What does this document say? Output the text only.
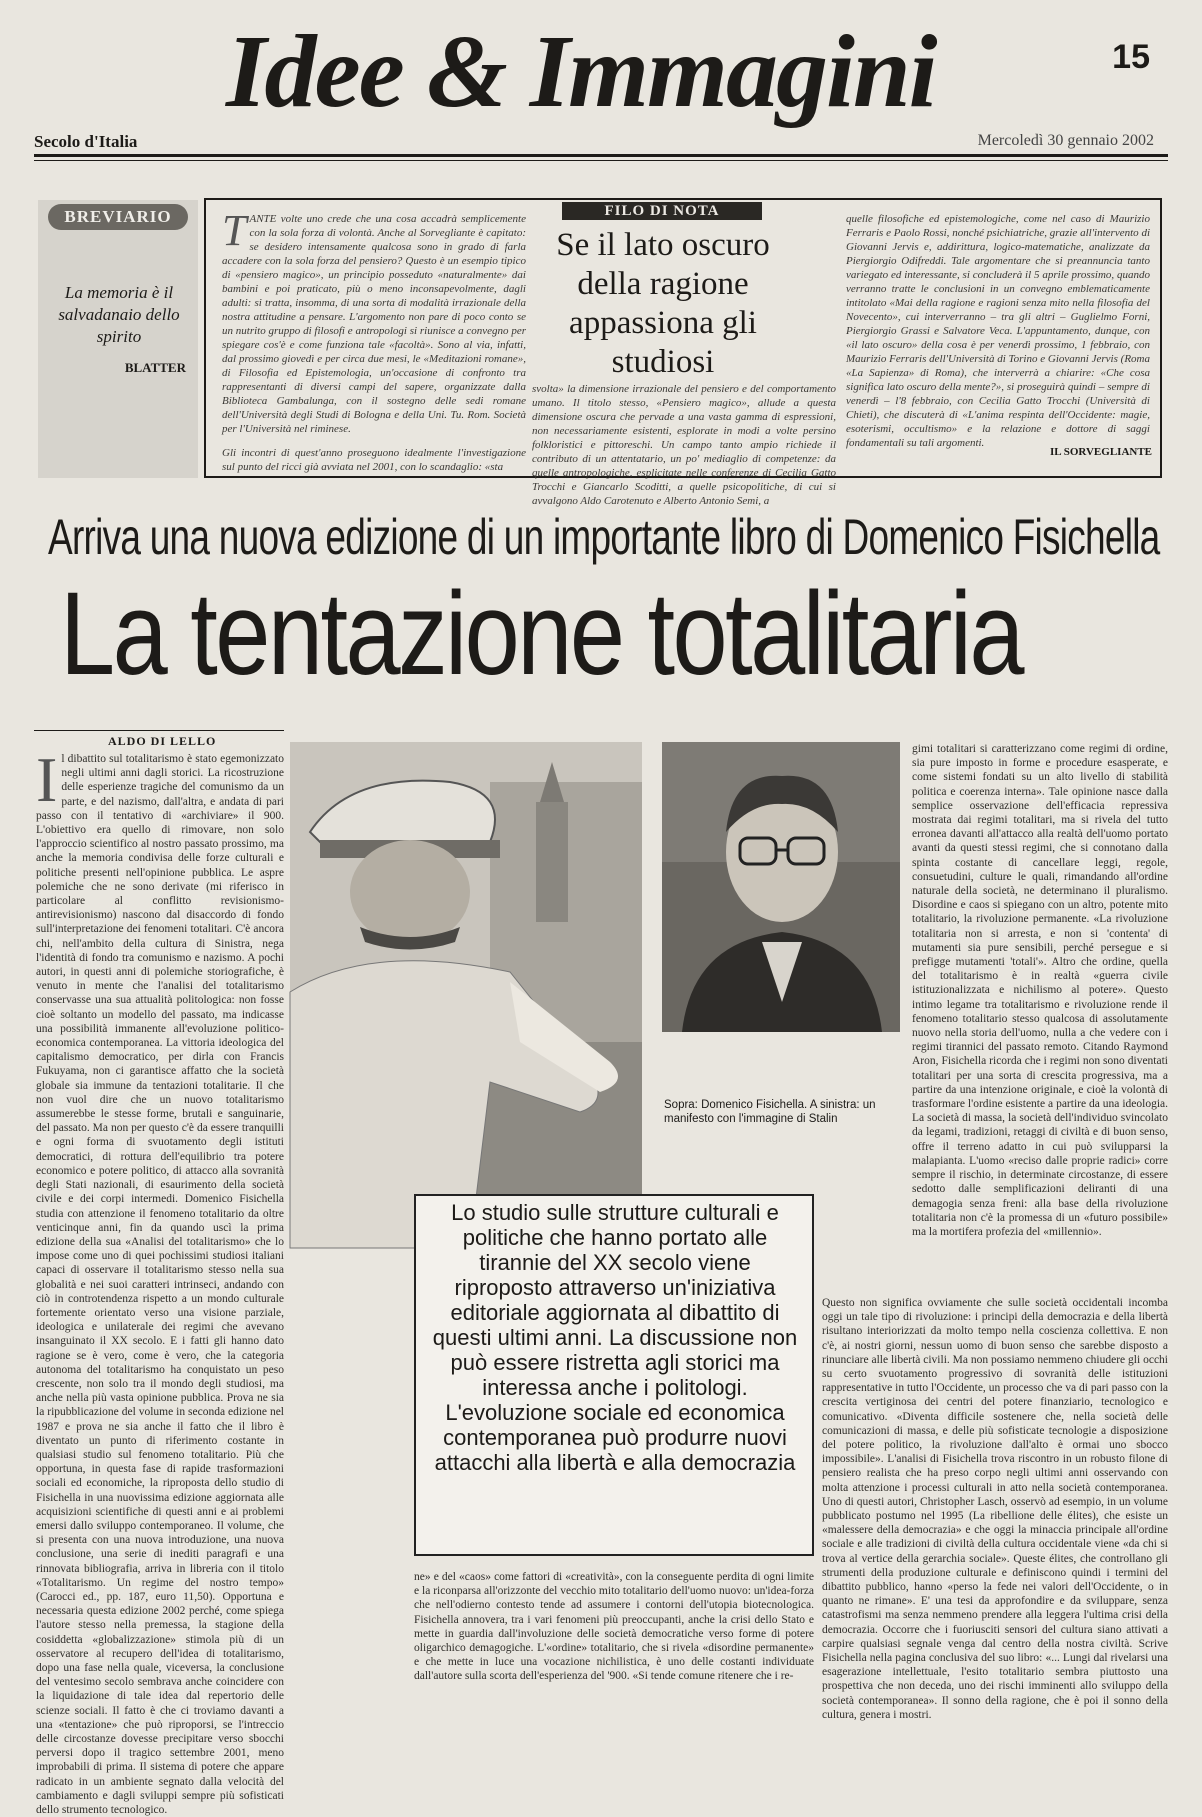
15
Idee & Immagini
Secolo d'Italia	Mercoledì 30 gennaio 2002
BREVIARIO
La memoria è il salvadanaio dello spirito
BLATTER
FILO DI NOTA
Se il lato oscuro della ragione appassiona gli studiosi
T ANTE volte uno crede che una cosa accadrà semplicemente con la sola forza di volontà. Anche al Sorvegliante è capitato: se desidero intensamente qualcosa sono in grado di farla accadere con la sola forza del pensiero? Questo è un esempio tipico di «pensiero magico», un principio posseduto «naturalmente» dai bambini e poi praticato, più o meno inconsapevolmente, dagli adulti: si tratta, insomma, di una sorta di modalità irrazionale della nostra attitudine a pensare. L'argomento non pare di poco conto se un nutrito gruppo di filosofi e antropologi si riunisce a convegno per spiegare cos'è e come funziona tale «facoltà». Sono al via, infatti, dal prossimo giovedì e per circa due mesi, le «Meditazioni romane», di Filosofia ed Epistemologia, un'occasione di confronto tra rappresentanti di diversi campi del sapere, organizzate dalla Biblioteca Gambalunga, con il sostegno delle sedi romane dell'Università degli Studi di Bologna e della Uni. Tu. Rom. Società per l'Università nel riminese.
Gli incontri di quest'anno proseguono idealmente l'investigazione sul punto del ricci già avviata nel 2001, con lo scandaglio: «sta
svolta» la dimensione irrazionale del pensiero e del comportamento umano. Il titolo stesso, «Pensiero magico», allude a questa dimensione oscura che pervade a una vasta gamma di espressioni, non necessariamente esistenti, esplorate in modi a volte persino folkloristici e pittoreschi. Un campo tanto ampio richiede il contributo di un attentatario, un po' mediaglio di competenze: da quelle antropologiche, esplicitate nelle conferenze di Cecilia Gatto Trocchi e Giancarlo Scoditti, a quelle psicopolitiche, di cui si avvalgono Aldo Carotenuto e Alberto Antonio Semi, a
quelle filosofiche ed epistemologiche, come nel caso di Maurizio Ferraris e Paolo Rossi, nonché psichiatriche, grazie all'intervento di Giovanni Jervis e, addirittura, logico-matematiche, analizzate da Piergiorgio Odifreddi. Tale argomentare che si preannuncia tanto variegato ed interessante, si concluderà il 5 aprile prossimo, quando verranno tratte le conclusioni in un convegno emblematicamente intitolato «Mai della ragione e ragioni senza mito nella filosofia del Novecento», cui interverranno – tra gli altri – Guglielmo Forni, Piergiorgio Grassi e Salvatore Veca. L'appuntamento, dunque, con «il lato oscuro» della cosa è per venerdì prossimo, 1 febbraio, con Maurizio Ferraris dell'Università di Torino e Giovanni Jervis (Roma «La Sapienza» di Roma), che interverrà a chiarire: «Che cosa significa lato oscuro della mente?», si proseguirà quindi – sempre di venerdì – l'8 febbraio, con Cecilia Gatto Trocchi (Università di Chieti), che discuterà di «L'anima respinta dell'Occidente: magie, esoterismi, occultismo» e la relazione e dottore di saggi fondamentali su tali argomenti.
IL SORVEGLIANTE
Arriva una nuova edizione di un importante libro di Domenico Fisichella
La tentazione totalitaria
ALDO DI LELLO
I l dibattito sul totalitarismo è stato egemonizzato negli ultimi anni dagli storici. La ricostruzione delle esperienze tragiche del comunismo da un parte, e del nazismo, dall'altra, e andata di pari passo con il tentativo di «archiviare» il 900. L'obiettivo era quello di rimovare, non solo l'approccio scientifico al nostro passato prossimo, ma anche la memoria condivisa delle forze culturali e politiche presenti nell'opinione pubblica. Le aspre polemiche che ne sono derivate (mi riferisco in particolare al conflitto revisionismo-antirevisionismo) nascono dal disaccordo di fondo sull'interpretazione dei fenomeni totalitari. C'è ancora chi, nell'ambito della cultura di Sinistra, nega l'identità di fondo tra comunismo e nazismo. A pochi autori, in questi anni di polemiche storiografiche, è venuto in mente che l'analisi del totalitarismo conservasse una sua attualità politologica: non fosse cioè soltanto un modello del passato, ma indicasse una possibilità immanente all'evoluzione politico-economica contemporanea. La vittoria ideologica del capitalismo democratico, per dirla con Francis Fukuyama, non ci garantisce affatto che la società globale sia immune da tentazioni totalitarie. Il che non vuol dire che un nuovo totalitarismo assumerebbe le stesse forme, brutali e sanguinarie, del passato. Ma non per questo c'è da essere tranquilli e ogni forma di svuotamento degli istituti democratici, di rottura dell'equilibrio tra potere economico e potere politico, di attacco alla sovranità degli Stati nazionali, di esaurimento della società civile e dei corpi intermedi. Domenico Fisichella studia con attenzione il fenomeno totalitario da oltre venticinque anni, fin da quando uscì la prima edizione della sua «Analisi del totalitarismo» che lo impose come uno di quei pochissimi studiosi italiani capaci di osservare il totalitarismo stesso nella sua globalità e nei suoi caratteri intrinseci, andando con ciò in controtendenza rispetto a un mondo culturale fortemente orientato verso una visione parziale, ideologica e unilaterale dei regimi che avevano insanguinato il XX secolo. E i fatti gli hanno dato ragione se è vero, come è vero, che la categoria autonoma del totalitarismo ha conquistato un peso crescente, non solo tra il mondo degli studiosi, ma anche nella più vasta opinione pubblica. Prova ne sia la ripubblicazione del volume in seconda edizione nel 1987 e prova ne sia anche il fatto che il libro è diventato un punto di riferimento costante in qualsiasi studio sul fenomeno totalitario. Più che opportuna, in questa fase di rapide trasformazioni sociali ed economiche, la riproposta dello studio di Fisichella in una nuovissima edizione aggiornata alle acquisizioni scientifiche di questi anni e ai problemi emersi dallo sviluppo contemporaneo. Il volume, che si presenta con una nuova introduzione, una nuova conclusione, una serie di inediti paragrafi e una rinnovata bibliografia, arriva in libreria con il titolo «Totalitarismo. Un regime del nostro tempo» (Carocci ed., pp. 187, euro 11,50). Opportuna e necessaria questa edizione 2002 perché, come spiega l'autore stesso nella premessa, la stagione della cosiddetta «globalizzazione» stimola più di un osservatore al recupero dell'idea di totalitarismo, dopo una fase nella quale, viceversa, la conclusione del ventesimo secolo sembrava anche coincidere con la liquidazione di tale idea dal repertorio delle scienze sociali. Il fatto è che ci troviamo davanti a una «tentazione» che può riproporsi, se l'intreccio delle circostanze dovesse precipitare verso sbocchi perversi dopo il tragico settembre 2001, meno improbabili di prima. Il sistema di potere che appare radicato in un ambiente segnato dalla velocità del cambiamento e dagli sviluppi sempre più sofisticati dello strumento tecnologico.
Sopra: Domenico Fisichella. A sinistra: un manifesto con l'immagine di Stalin
gimi totalitari si caratterizzano come regimi di ordine, sia pure imposto in forme e procedure esasperate, e come sistemi fondati su un alto livello di stabilità politica e coerenza interna». Tale opinione nasce dalla semplice osservazione dell'efficacia repressiva mostrata dai regimi totalitari, ma si rivela del tutto erronea davanti all'attacco alla realtà dell'uomo portato avanti da questi stessi regimi, che si connotano dalla spinta costante di cancellare leggi, regole, consuetudini, culture le quali, rimandando all'ordine naturale della società, ne determinano il pluralismo. Disordine e caos si spiegano con un altro, potente mito totalitario, la rivoluzione permanente. «La rivoluzione totalitaria non si arresta, e non si 'contenta' di mutamenti sia pure sensibili, perché persegue e si prefigge mutamenti 'totali'». Altro che ordine, quella del totalitarismo è in realtà «guerra civile istituzionalizzata e nichilismo al potere». Questo intimo legame tra totalitarismo e rivoluzione rende il fenomeno totalitario stesso qualcosa di assolutamente nuovo nella storia dell'uomo, nulla a che vedere con i regimi tirannici del passato remoto. Citando Raymond Aron, Fisichella ricorda che i regimi non sono diventati totalitari per una sorta di crescita progressiva, ma a partire da una intenzione originale, e cioè la volontà di trasformare l'ordine esistente a partire da una ideologia. La società di massa, la società dell'individuo svincolato da legami, tradizioni, retaggi di civiltà e di buon senso, offre il terreno adatto in cui può svilupparsi la malapianta. L'uomo «reciso dalle proprie radici» corre sempre il rischio, in determinate circostanze, di essere sedotto dalle semplificazioni deliranti di una demagogia senza freni: alla base della rivoluzione totalitaria non c'è la promessa di un «futuro possibile» ma la mortifera profezia del «millennio».
Questo non significa ovviamente che sulle società occidentali incomba oggi un tale tipo di rivoluzione: i principi della democrazia e della libertà risultano interiorizzati da molto tempo nella coscienza collettiva. E non c'è, ai nostri giorni, nessun uomo di buon senso che sarebbe disposto a rinunciare alle libertà civili. Ma non possiamo nemmeno chiudere gli occhi su certo svuotamento progressivo di sovranità delle istituzioni rappresentative in tutto l'Occidente, un processo che va di pari passo con la crescita vertiginosa dei centri del potere finanziario, tecnologico e comunicativo. «Diventa difficile sostenere che, nella società delle comunicazioni di massa, e delle più sofisticate tecnologie a disposizione del potere politico, la rivoluzione dall'alto è ormai uno sbocco impossibile». L'analisi di Fisichella trova riscontro in un robusto filone di pensiero realista che ha preso corpo negli ultimi anni osservando con molta attenzione i processi culturali in atto nella società contemporanea. Uno di questi autori, Christopher Lasch, osservò ad esempio, in un volume pubblicato postumo nel 1995 (La ribellione delle élites), che esiste un «malessere della democrazia» e che oggi la minaccia principale all'ordine sociale e alle tradizioni di civiltà della cultura occidentale viene «da chi si trova al vertice della gerarchia sociale». Queste élites, che controllano gli strumenti della produzione culturale e definiscono quindi i termini del dibattito pubblico, hanno «perso la fede nei valori dell'Occidente, o in quanto ne rimane». E' una tesi da approfondire e da sviluppare, senza catastrofismi ma senza nemmeno prendere alla leggera l'ultima crisi della democrazia. Occorre che i fuoriusciti sensori del cultura siano attivati a carpire qualsiasi segnale venga dal centro della nostra civiltà. Scrive Fisichella nella pagina conclusiva del suo libro: «... Lungi dal rivelarsi una esagerazione intellettuale, l'esito totalitario sembra piuttosto una prospettiva che non deceda, uno dei rischi imminenti allo sviluppo della società contemporanea». Il sonno della ragione, che è poi il sonno della cultura, genera i mostri.
Lo studio sulle strutture culturali e politiche che hanno portato alle tirannie del XX secolo viene riproposto attraverso un'iniziativa editoriale aggiornata al dibattito di questi ultimi anni. La discussione non può essere ristretta agli storici ma interessa anche i politologi. L'evoluzione sociale ed economica contemporanea può produrre nuovi attacchi alla libertà e alla democrazia
ne» e del «caos» come fattori di «creatività», con la conseguente perdita di ogni limite e la riconparsa all'orizzonte del vecchio mito totalitario dell'uomo nuovo: un'idea-forza che nell'odierno contesto tende ad assumere i contorni dell'utopia biotecnologica. Fisichella annovera, tra i vari fenomeni più preoccupanti, anche la crisi dello Stato e mette in guardia dall'involuzione delle società democratiche verso forme di potere oligarchico demagogiche. L'«ordine» totalitario, che si rivela «disordine permanente» e che mette in luce una vocazione nichilistica, è uno delle costanti individuate dall'autore sulla scorta dell'esperienza del '900. «Si tende comune ritenere che i re-
